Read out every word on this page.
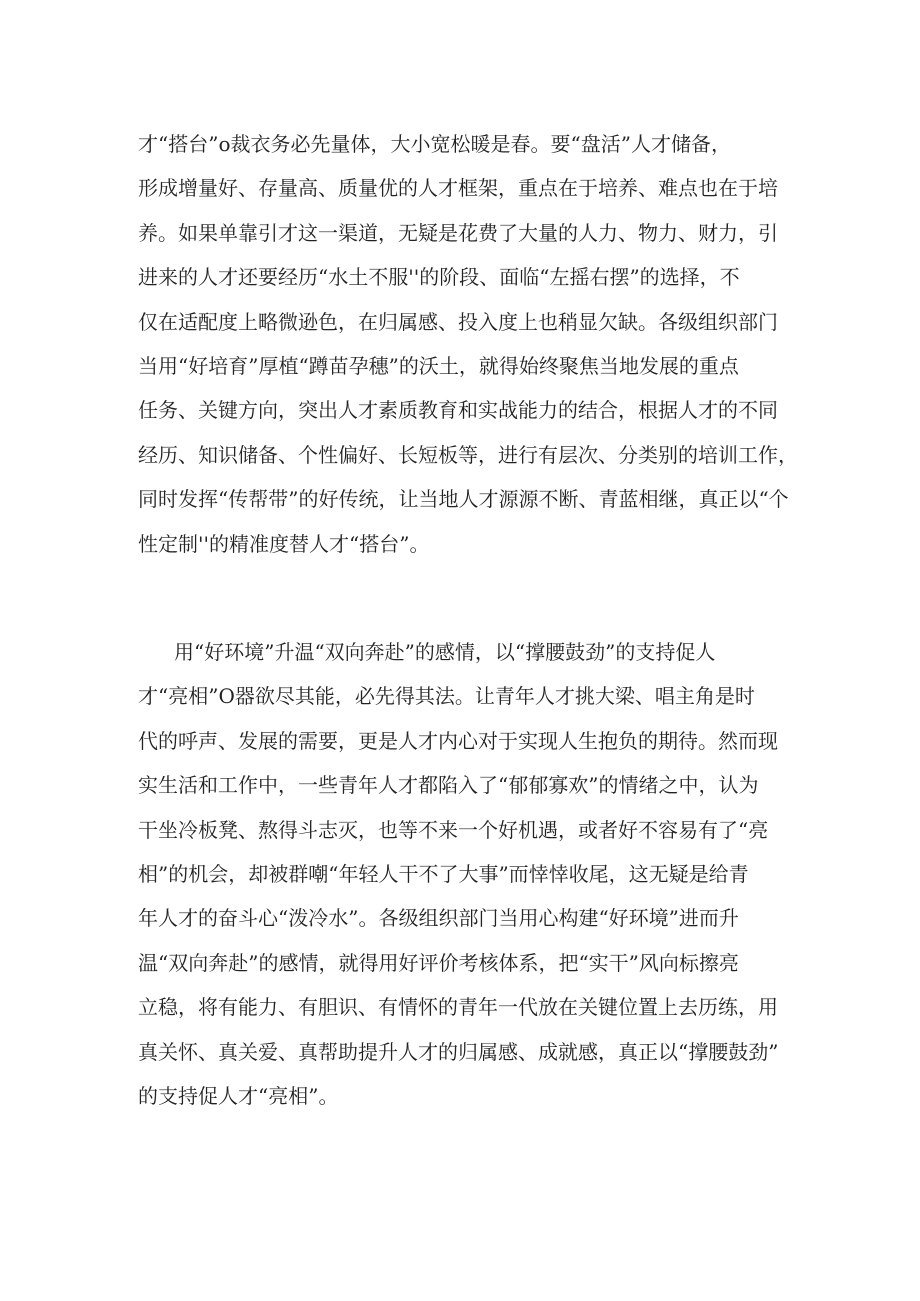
才“搭台”o裁衣务必先量体，大小宽松暖是春。要“盘活”人才储备，
形成增量好、存量高、质量优的人才框架，重点在于培养、难点也在于培
养。如果单靠引才这一渠道，无疑是花费了大量的人力、物力、财力，引
进来的人才还要经历“水土不服''的阶段、面临“左摇右摆”的选择，不
仅在适配度上略微逊色，在归属感、投入度上也稍显欠缺。各级组织部门
当用“好培育”厚植“蹲苗孕穗”的沃土，就得始终聚焦当地发展的重点
任务、关键方向，突出人才素质教育和实战能力的结合，根据人才的不同
经历、知识储备、个性偏好、长短板等，进行有层次、分类别的培训工作，
同时发挥“传帮带”的好传统，让当地人才源源不断、青蓝相继，真正以“个
性定制''的精准度替人才“搭台”。
用“好环境”升温“双向奔赴”的感情，以“撑腰鼓劲”的支持促人
才“亮相”O器欲尽其能，必先得其法。让青年人才挑大梁、唱主角是时
代的呼声、发展的需要，更是人才内心对于实现人生抱负的期待。然而现
实生活和工作中，一些青年人才都陷入了“郁郁寡欢”的情绪之中，认为
干坐冷板凳、熬得斗志灭，也等不来一个好机遇，或者好不容易有了“亮
相”的机会，却被群嘲“年轻人干不了大事”而悻悻收尾，这无疑是给青
年人才的奋斗心“泼冷水”。各级组织部门当用心构建“好环境”进而升
温“双向奔赴”的感情，就得用好评价考核体系，把“实干”风向标擦亮
立稳，将有能力、有胆识、有情怀的青年一代放在关键位置上去历练，用
真关怀、真关爱、真帮助提升人才的归属感、成就感，真正以“撑腰鼓劲”
的支持促人才“亮相”。
